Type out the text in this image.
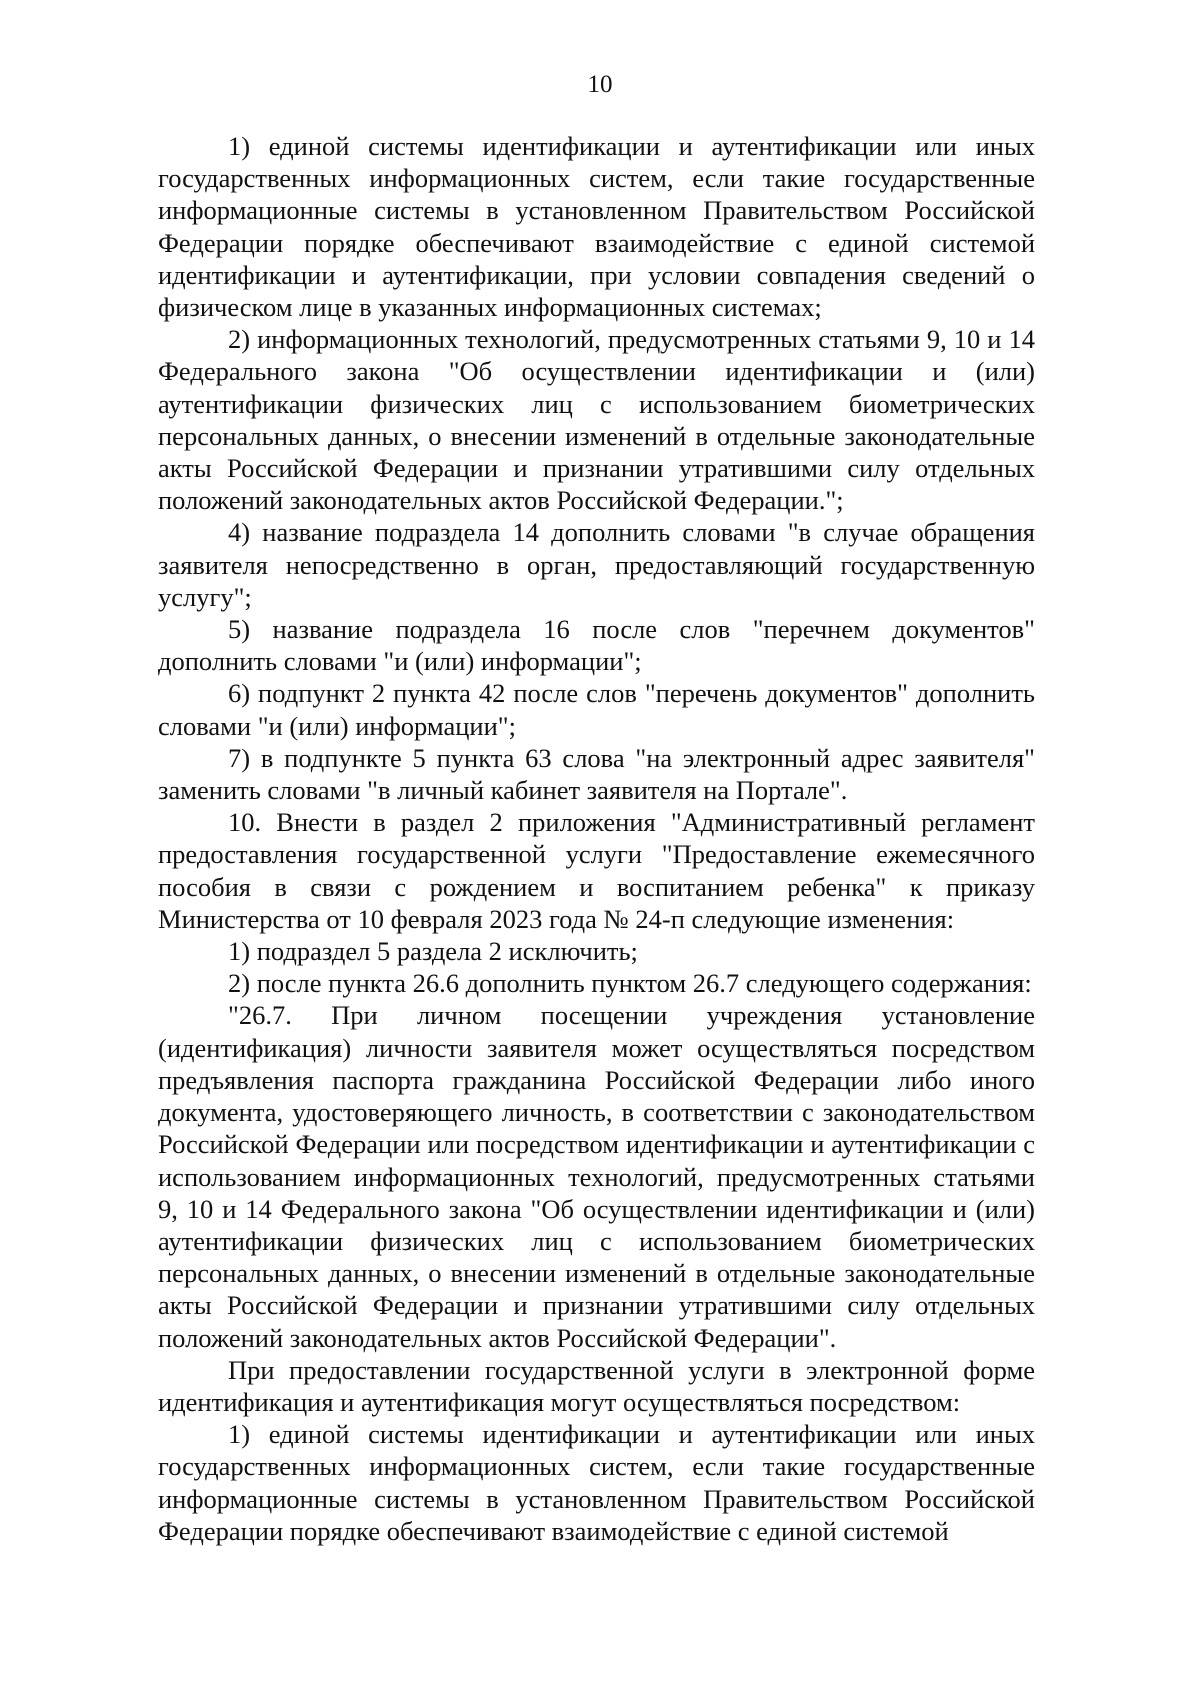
10

1) единой системы идентификации и аутентификации или иных государственных информационных систем, если такие государственные информационные системы в установленном Правительством Российской Федерации порядке обеспечивают взаимодействие с единой системой идентификации и аутентификации, при условии совпадения сведений о физическом лице в указанных информационных системах;

2) информационных технологий, предусмотренных статьями 9, 10 и 14 Федерального закона "Об осуществлении идентификации и (или) аутентификации физических лиц с использованием биометрических персональных данных, о внесении изменений в отдельные законодательные акты Российской Федерации и признании утратившими силу отдельных положений законодательных актов Российской Федерации.";

4) название подраздела 14 дополнить словами "в случае обращения заявителя непосредственно в орган, предоставляющий государственную услугу";

5) название подраздела 16 после слов "перечнем документов" дополнить словами "и (или) информации";

6) подпункт 2 пункта 42 после слов "перечень документов" дополнить словами "и (или) информации";

7) в подпункте 5 пункта 63 слова "на электронный адрес заявителя" заменить словами "в личный кабинет заявителя на Портале".

10. Внести в раздел 2 приложения "Административный регламент предоставления государственной услуги "Предоставление ежемесячного пособия в связи с рождением и воспитанием ребенка" к приказу Министерства от 10 февраля 2023 года № 24-п следующие изменения:

1) подраздел 5 раздела 2 исключить;

2) после пункта 26.6 дополнить пунктом 26.7 следующего содержания:

"26.7. При личном посещении учреждения установление (идентификация) личности заявителя может осуществляться посредством предъявления паспорта гражданина Российской Федерации либо иного документа, удостоверяющего личность, в соответствии с законодательством Российской Федерации или посредством идентификации и аутентификации с использованием информационных технологий, предусмотренных статьями 9, 10 и 14 Федерального закона "Об осуществлении идентификации и (или) аутентификации физических лиц с использованием биометрических персональных данных, о внесении изменений в отдельные законодательные акты Российской Федерации и признании утратившими силу отдельных положений законодательных актов Российской Федерации".

При предоставлении государственной услуги в электронной форме идентификация и аутентификация могут осуществляться посредством:

1) единой системы идентификации и аутентификации или иных государственных информационных систем, если такие государственные информационные системы в установленном Правительством Российской Федерации порядке обеспечивают взаимодействие с единой системой
